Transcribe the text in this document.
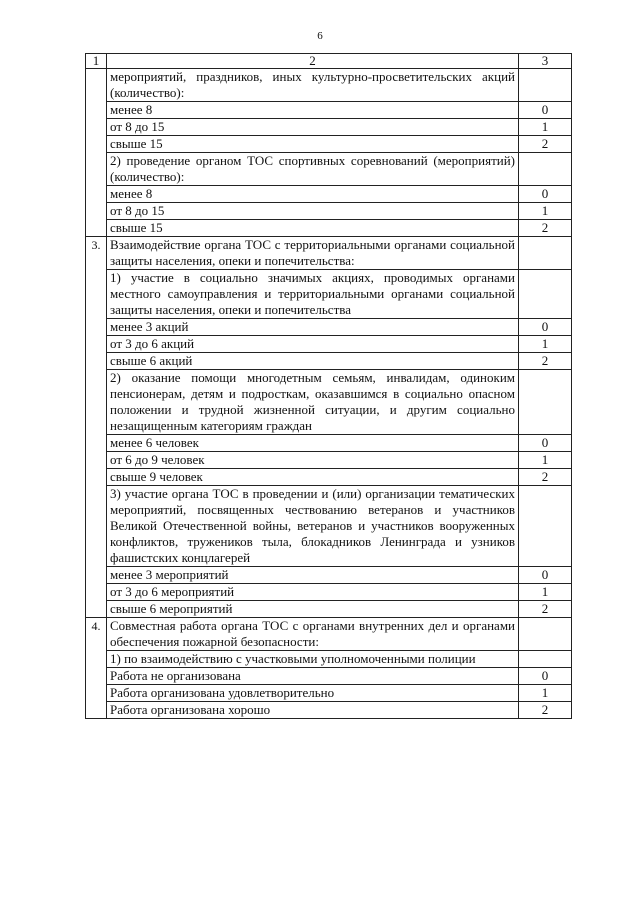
6
1	2	3
	мероприятий, праздников, иных культурно-просветительских акций (количество):	
	менее 8	0
	от 8 до 15	1
	свыше 15	2
	2) проведение органом ТОС спортивных соревнований (мероприятий) (количество):	
	менее 8	0
	от 8 до 15	1
	свыше 15	2
3.	Взаимодействие органа ТОС с территориальными органами социальной защиты населения, опеки и попечительства:	
	1) участие в социально значимых акциях, проводимых органами местного самоуправления и территориальными органами социальной защиты населения, опеки и попечительства	
	менее 3 акций	0
	от 3 до 6 акций	1
	свыше 6 акций	2
	2) оказание помощи многодетным семьям, инвалидам, одиноким пенсионерам, детям и подросткам, оказавшимся в социально опасном положении и трудной жизненной ситуации, и другим социально незащищенным категориям граждан	
	менее 6 человек	0
	от 6 до 9 человек	1
	свыше 9 человек	2
	3) участие органа ТОС в проведении и (или) организации тематических мероприятий, посвященных чествованию ветеранов и участников Великой Отечественной войны, ветеранов и участников вооруженных конфликтов, тружеников тыла, блокадников Ленинграда и узников фашистских концлагерей	
	менее 3 мероприятий	0
	от 3 до 6 мероприятий	1
	свыше 6 мероприятий	2
4.	Совместная работа органа ТОС с органами внутренних дел и органами обеспечения пожарной безопасности:	
	1) по взаимодействию с участковыми уполномоченными полиции	
	Работа не организована	0
	Работа организована удовлетворительно	1
	Работа организована хорошо	2
